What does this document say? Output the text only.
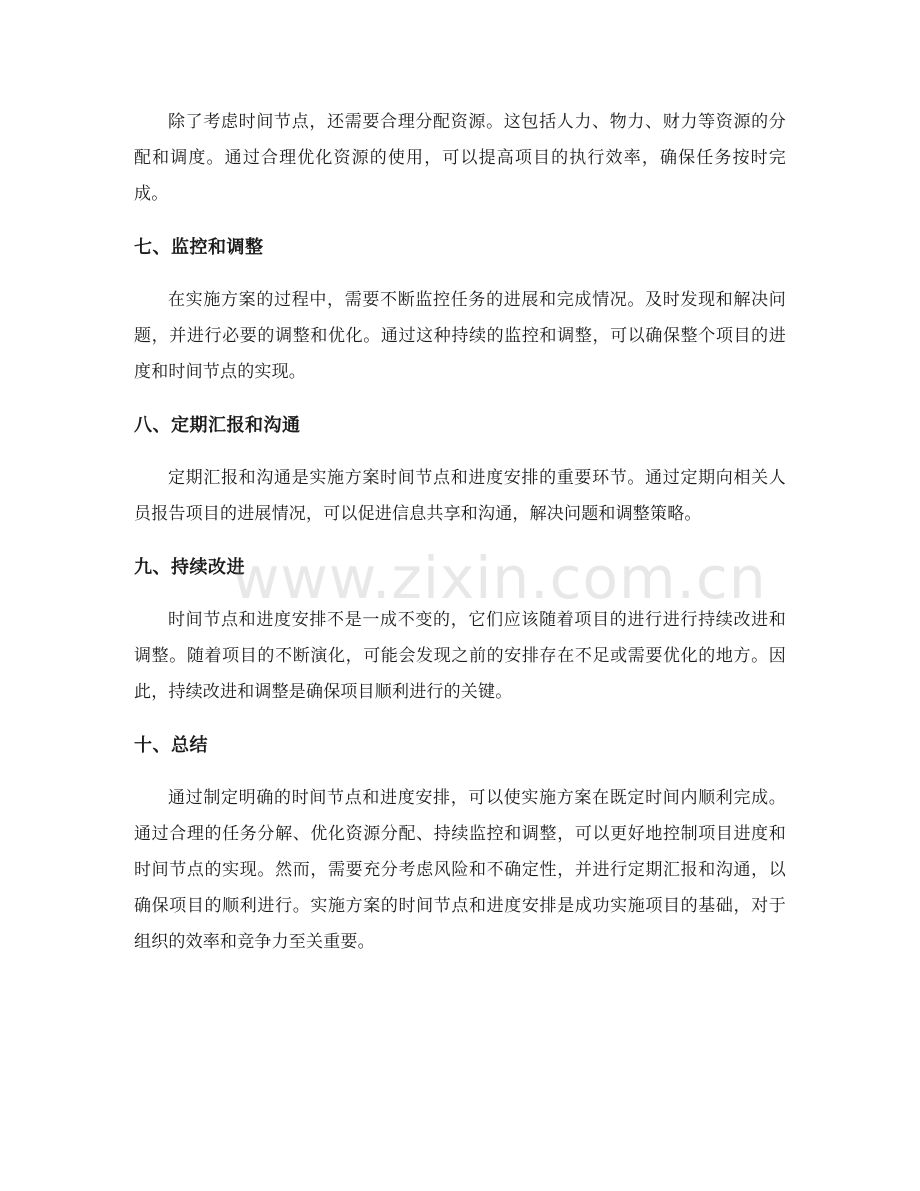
除了考虑时间节点，还需要合理分配资源。这包括人力、物力、财力等资源的分配和调度。通过合理优化资源的使用，可以提高项目的执行效率，确保任务按时完成。

七、监控和调整

在实施方案的过程中，需要不断监控任务的进展和完成情况。及时发现和解决问题，并进行必要的调整和优化。通过这种持续的监控和调整，可以确保整个项目的进度和时间节点的实现。

八、定期汇报和沟通

定期汇报和沟通是实施方案时间节点和进度安排的重要环节。通过定期向相关人员报告项目的进展情况，可以促进信息共享和沟通，解决问题和调整策略。

九、持续改进

时间节点和进度安排不是一成不变的，它们应该随着项目的进行进行持续改进和调整。随着项目的不断演化，可能会发现之前的安排存在不足或需要优化的地方。因此，持续改进和调整是确保项目顺利进行的关键。

十、总结

通过制定明确的时间节点和进度安排，可以使实施方案在既定时间内顺利完成。通过合理的任务分解、优化资源分配、持续监控和调整，可以更好地控制项目进度和时间节点的实现。然而，需要充分考虑风险和不确定性，并进行定期汇报和沟通，以确保项目的顺利进行。实施方案的时间节点和进度安排是成功实施项目的基础，对于组织的效率和竞争力至关重要。

www.zixin.com.cn
